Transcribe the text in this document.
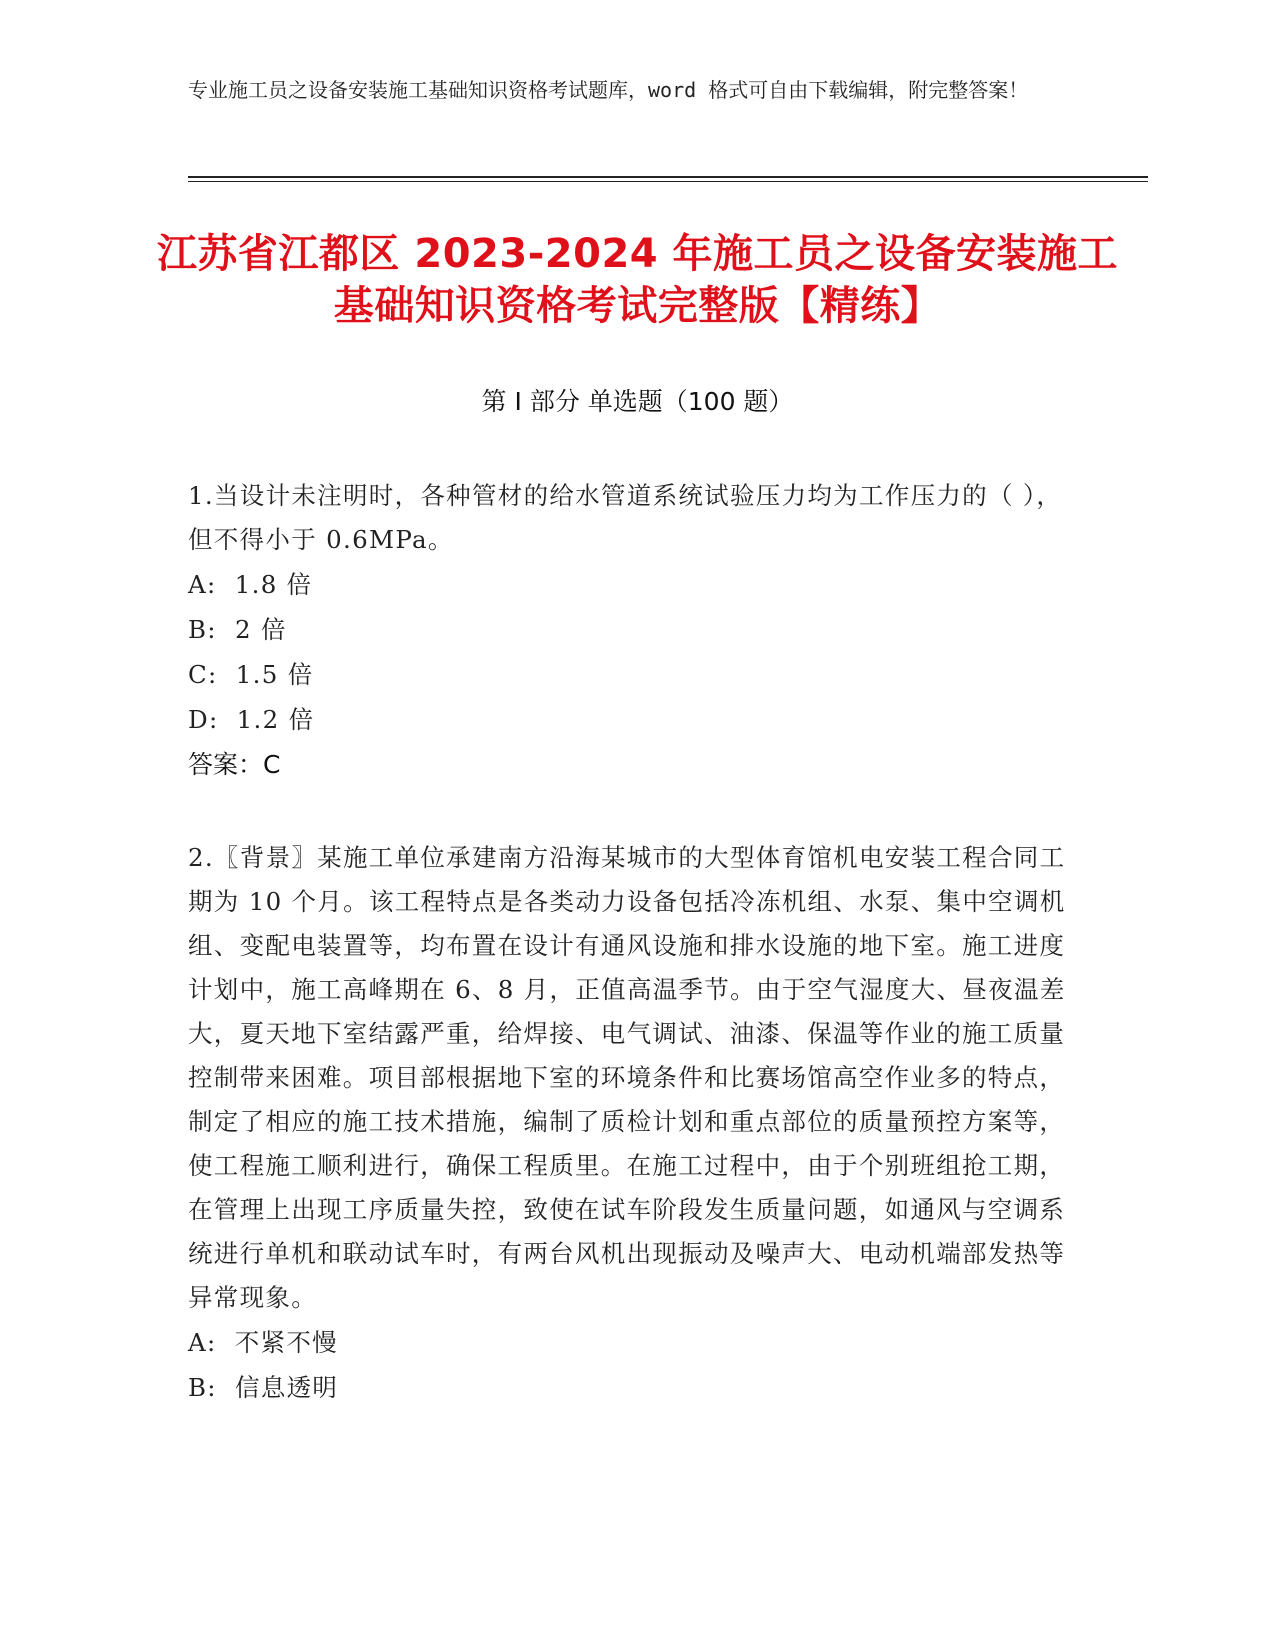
专业施工员之设备安装施工基础知识资格考试题库，word 格式可自由下载编辑，附完整答案！
江苏省江都区 2023-2024 年施工员之设备安装施工基础知识资格考试完整版【精练】
第 I 部分 单选题（100 题）

1.当设计未注明时，各种管材的给水管道系统试验压力均为工作压力的（ ），但不得小于 0.6MPa。

A:  1.8 倍

B:  2 倍

C:  1.5 倍

D:  1.2 倍

答案：C

2.〖背景〗某施工单位承建南方沿海某城市的大型体育馆机电安装工程合同工期为 10 个月。该工程特点是各类动力设备包括冷冻机组、水泵、集中空调机组、变配电装置等，均布置在设计有通风设施和排水设施的地下室。施工进度计划中，施工高峰期在 6、8 月，正值高温季节。由于空气湿度大、昼夜温差大，夏天地下室结露严重，给焊接、电气调试、油漆、保温等作业的施工质量控制带来困难。项目部根据地下室的环境条件和比赛场馆高空作业多的特点，制定了相应的施工技术措施，编制了质检计划和重点部位的质量预控方案等，使工程施工顺利进行，确保工程质里。在施工过程中，由于个别班组抢工期，在管理上出现工序质量失控，致使在试车阶段发生质量问题，如通风与空调系统进行单机和联动试车时，有两台风机出现振动及噪声大、电动机端部发热等异常现象。

A:  不紧不慢

B:  信息透明
